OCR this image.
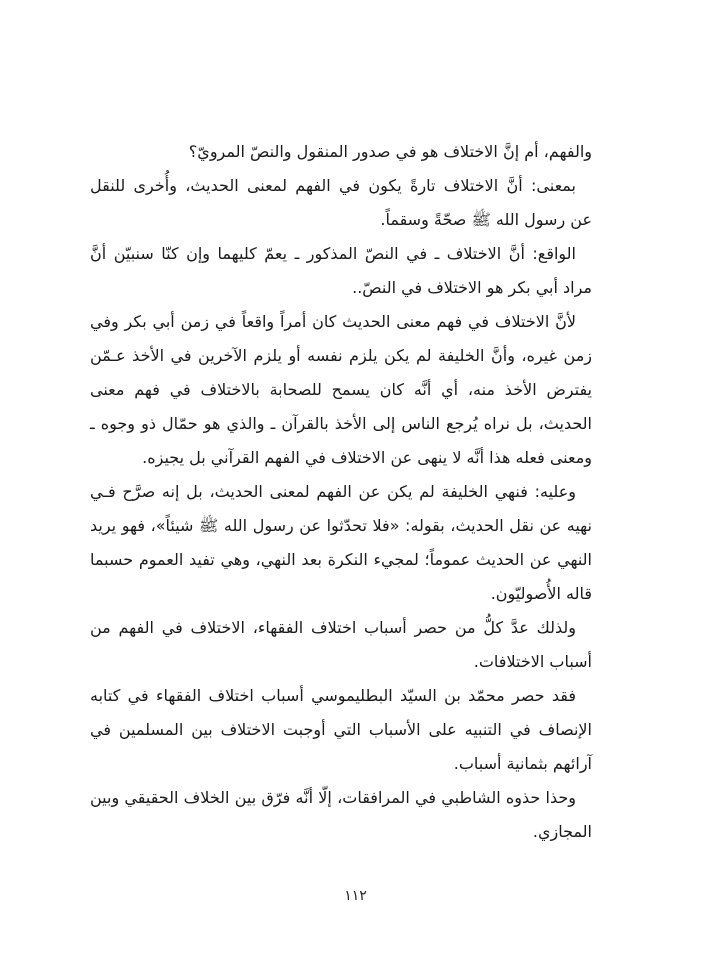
والفهم، أم إنَّ الاختلاف هو في صدور المنقول والنصّ المرويّ؟
بمعنى: أنَّ الاختلاف تارةً يكون في الفهم لمعنى الحديث، وأُخرى للنقل
عن رسول الله ﷺ صحّةً وسقماً.
الواقع: أنَّ الاختلاف ـ في النصّ المذكور ـ يعمّ كليهما وإن كنّا سنبيّن أنَّ
مراد أبي بكر هو الاختلاف في النصّ..
لأنَّ الاختلاف في فهم معنى الحديث كان أمراً واقعاً في زمن أبي بكر وفي
زمن غيره، وأنَّ الخليفة لم يكن يلزم نفسه أو يلزم الآخرين في الأخذ عـمّن
يفترض الأخذ منه، أي أنَّه كان يسمح للصحابة بالاختلاف في فهم معنى
الحديث، بل نراه يُرجع الناس إلى الأخذ بالقرآن ـ والذي هو حمّال ذو وجوه ـ
ومعنى فعله هذا أنَّه لا ينهى عن الاختلاف في الفهم القرآني بل يجيزه.
وعليه: فنهي الخليفة لم يكن عن الفهم لمعنى الحديث، بل إنه صرَّح فـي
نهيه عن نقل الحديث، بقوله: «فلا تحدّثوا عن رسول الله ﷺ شيئاً»، فهو يريد
النهي عن الحديث عموماً؛ لمجيء النكرة بعد النهي، وهي تفيد العموم حسبما
قاله الأُصوليّون.
ولذلك عدَّ كلُّ من حصر أسباب اختلاف الفقهاء، الاختلاف في الفهم من
أسباب الاختلافات.
فقد حصر محمّد بن السيّد البطليموسي أسباب اختلاف الفقهاء في كتابه
الإنصاف في التنبيه على الأسباب التي أوجبت الاختلاف بين المسلمين في
آرائهم بثمانية أسباب.
وحذا حذوه الشاطبي في المرافقات، إلّا أنَّه فرّق بين الخلاف الحقيقي وبين
المجازي.
١١٢
